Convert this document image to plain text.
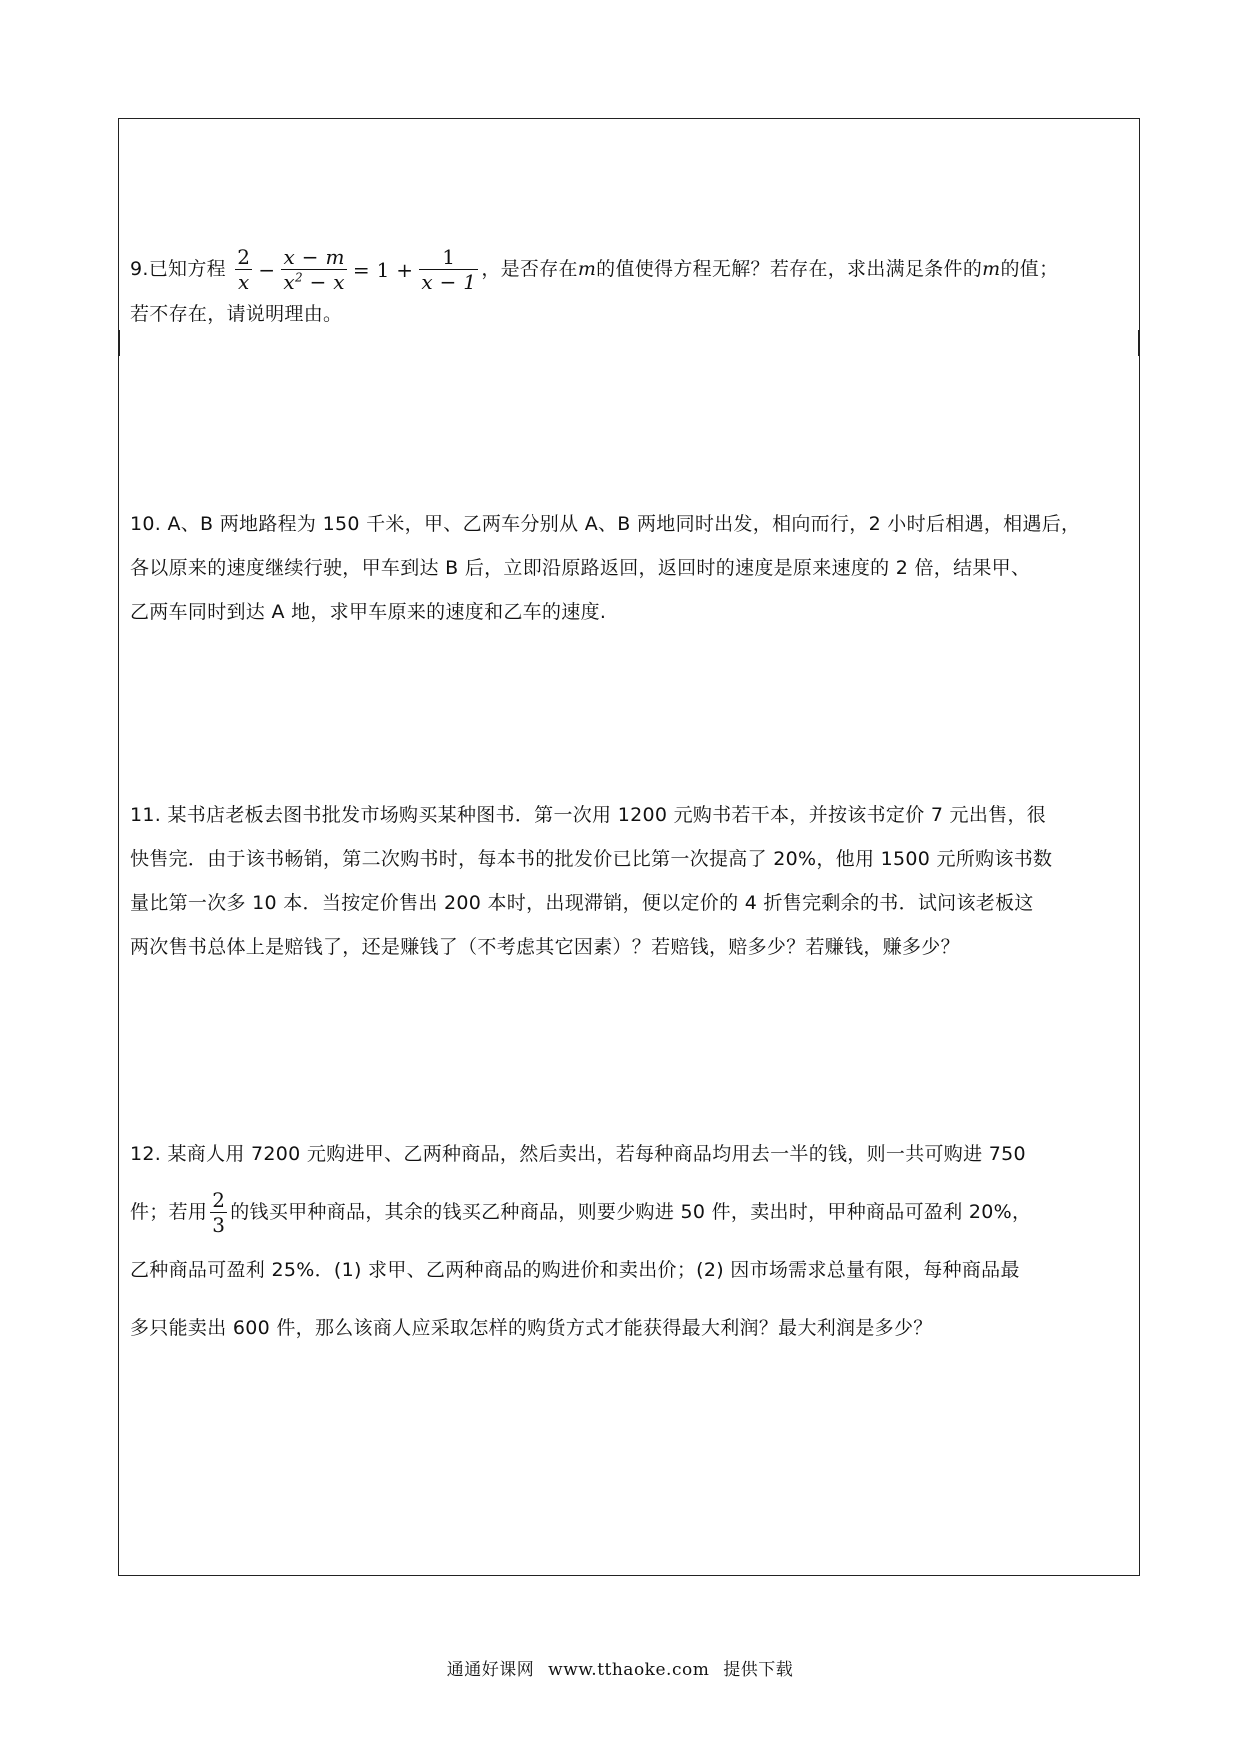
9.已知方程 $\frac{2}{x} - \frac{x - m}{x^2 - x} = 1 + \frac{1}{x - 1}$ ，是否存在m的值使得方程无解？若存在，求出满足条件的m的值；

若不存在，请说明理由。

10. A、B 两地路程为 150 千米，甲、乙两车分别从 A、B 两地同时出发，相向而行，2 小时后相遇，相遇后，

各以原来的速度继续行驶，甲车到达 B 后，立即沿原路返回，返回时的速度是原来速度的 2 倍，结果甲、

乙两车同时到达 A 地，求甲车原来的速度和乙车的速度.

11. 某书店老板去图书批发市场购买某种图书．第一次用 1200 元购书若干本，并按该书定价 7 元出售，很

快售完．由于该书畅销，第二次购书时，每本书的批发价已比第一次提高了 20%，他用 1500 元所购该书数

量比第一次多 10 本．当按定价售出 200 本时，出现滞销，便以定价的 4 折售完剩余的书．试问该老板这

两次售书总体上是赔钱了，还是赚钱了（不考虑其它因素）？若赔钱，赔多少？若赚钱，赚多少？

12. 某商人用 7200 元购进甲、乙两种商品，然后卖出，若每种商品均用去一半的钱，则一共可购进 750

件；若用 $\frac{2}{3}$ 的钱买甲种商品，其余的钱买乙种商品，则要少购进 50 件，卖出时，甲种商品可盈利 20%，

乙种商品可盈利 25%．(1) 求甲、乙两种商品的购进价和卖出价；(2) 因市场需求总量有限，每种商品最

多只能卖出 600 件，那么该商人应采取怎样的购货方式才能获得最大利润？最大利润是多少？

通通好课网 www.tthaoke.com 提供下载
